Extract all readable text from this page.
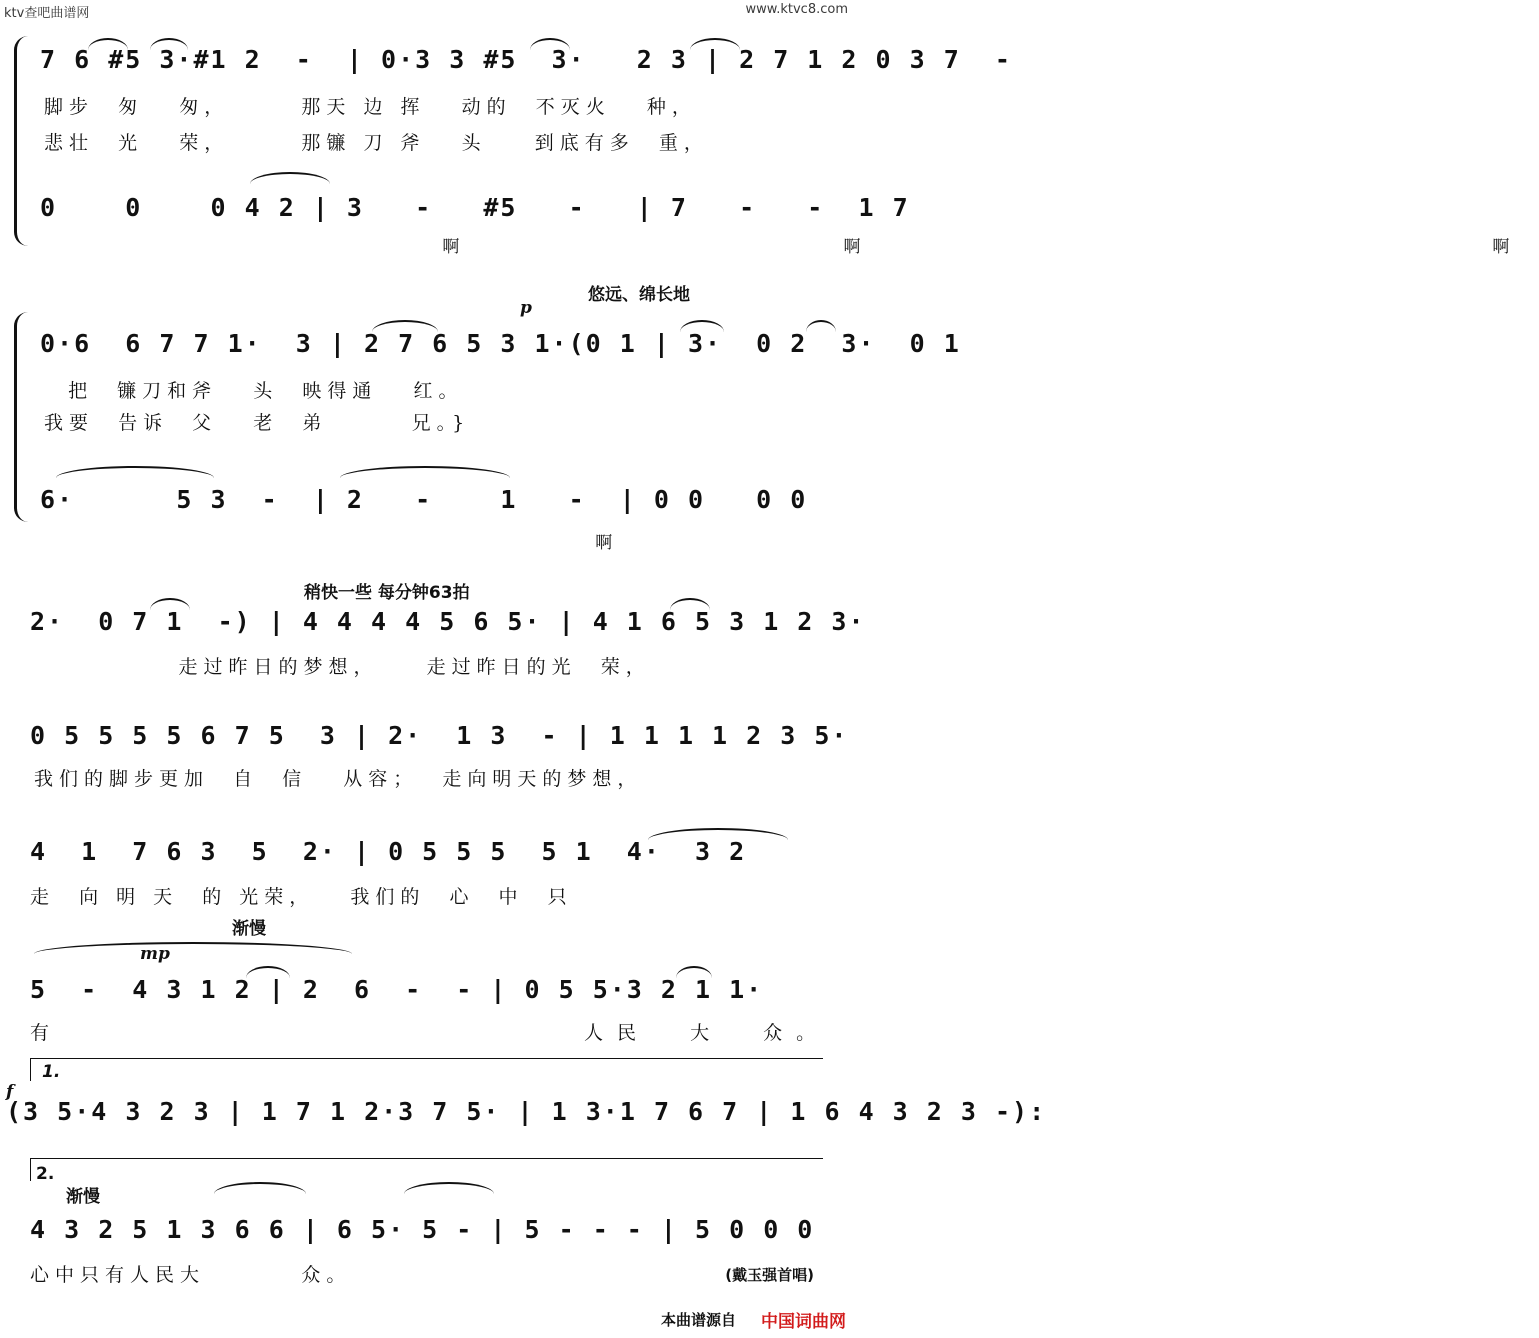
ktv查吧曲谱网	www.ktvc8.com
7 6 #5 3·#1 2  -  | 0·3 3 #5  3·   2 3 | 2 7 1 2 0 3 7  -
脚步  匆   匆，      那天 边 挥   动的  不灭火   种，
悲壮  光   荣，      那镰 刀 斧   头    到底有多  重，
0    0    0 4 2 | 3   -   #5   -   | 7   -   -  1 7
啊          啊                 啊
悠远、绵长地
p
0·6  6 7 7 1·  3 | 2 7 6 5 3 1·(0 1 | 3·  0 2  3·  0 1
把  镰刀和斧   头  映得通   红。
我要  告诉  父   老  弟       兄。}
6·      5 3  -  | 2   -    1   -  | 0 0   0 0
啊
稍快一些 每分钟63拍
2·  0 7 1  -) | 4 4 4 4 5 6 5· | 4 1 6 5 3 1 2 3·
走过昨日的梦想，    走过昨日的光  荣，
0 5 5 5 5 6 7 5  3 | 2·  1 3  - | 1 1 1 1 2 3 5·
我们的脚步更加  自  信   从容；  走向明天的梦想，
4  1  7 6 3  5  2· | 0 5 5 5  5 1  4·  3 2
走  向 明 天  的 光荣，   我们的  心  中  只
渐慢
mp
5  -  4 3 1 2 | 2  6  -  - | 0 5 5·3 2 1 1·
有                          人民  大  众。
1.
f
(3 5·4 3 2 3 | 1 7 1 2·3 7 5· | 1 3·1 7 6 7 | 1 6 4 3 2 3 -):
2.
渐慢
4 3 2 5 1 3 6 6 | 6 5· 5 - | 5 - - - | 5 0 0 0
心中只有人民大        众。	(戴玉强首唱)
本曲谱源自 中国词曲网
